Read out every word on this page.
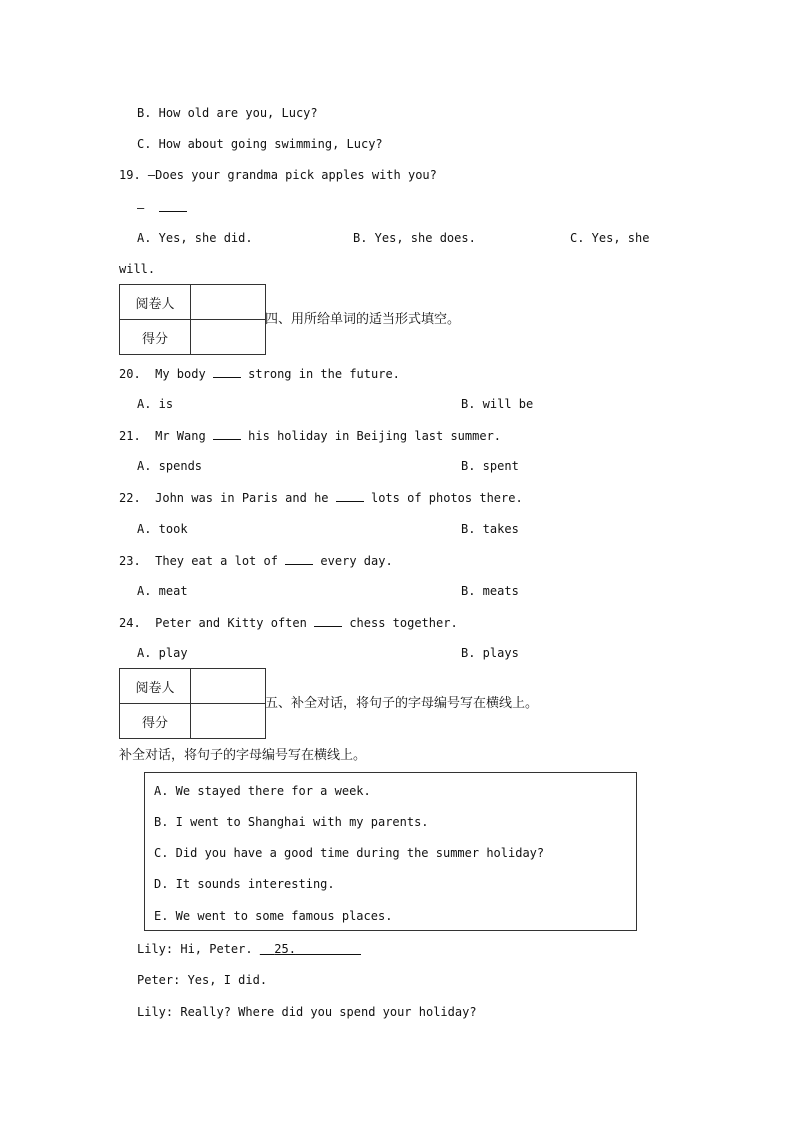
B. How old are you, Lucy?
C. How about going swimming, Lucy?
19. —Does your grandma pick apples with you?
—
A. Yes, she did.	B. Yes, she does.	C. Yes, she
will.
阅卷人	
得分	
四、用所给单词的适当形式填空。
20.  My body	strong in the future.
A. is	B. will be
21.  Mr Wang	his holiday in Beijing last summer.
A. spends	B. spent
22.  John was in Paris and he	lots of photos there.
A. took	B. takes
23.  They eat a lot of	every day.
A. meat	B. meats
24.  Peter and Kitty often	chess together.
A. play	B. plays
阅卷人	
得分	
五、补全对话，将句子的字母编号写在横线上。
补全对话，将句子的字母编号写在横线上。
A. We stayed there for a week.
B. I went to Shanghai with my parents.
C. Did you have a good time during the summer holiday?
D. It sounds interesting.
E. We went to some famous places.
Lily: Hi, Peter.   25.
Peter: Yes, I did.
Lily: Really? Where did you spend your holiday?
